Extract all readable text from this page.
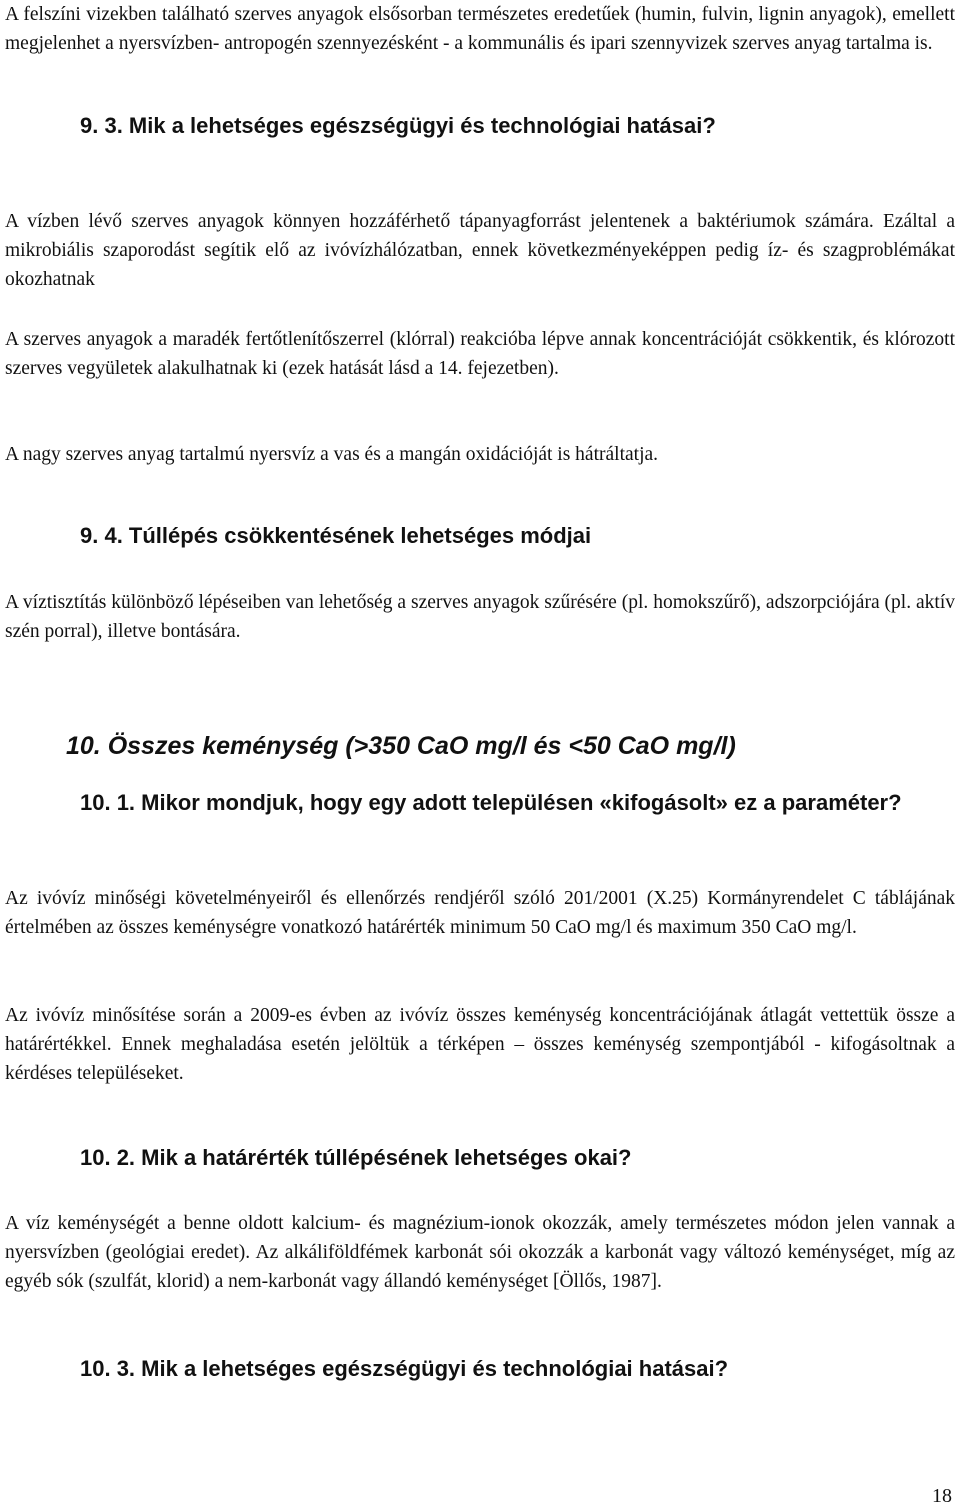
A felszíni vizekben található szerves anyagok elsősorban természetes eredetűek (humin, fulvin, lignin anyagok), emellett megjelenhet a nyersvízben- antropogén szennyezésként - a kommunális és ipari szennyvizek szerves anyag tartalma is.

9. 3. Mik a lehetséges egészségügyi és technológiai hatásai?

A vízben lévő szerves anyagok könnyen hozzáférhető tápanyagforrást jelentenek a baktériumok számára. Ezáltal a mikrobiális szaporodást segítik elő az ivóvízhálózatban, ennek következményeképpen pedig íz- és szagproblémákat okozhatnak

A szerves anyagok a maradék fertőtlenítőszerrel (klórral) reakcióba lépve annak koncentrációját csökkentik, és klórozott szerves vegyületek alakulhatnak ki (ezek hatását lásd a 14. fejezetben).

A nagy szerves anyag tartalmú nyersvíz a vas és a mangán oxidációját is hátráltatja.

9. 4. Túllépés csökkentésének lehetséges módjai

A víztisztítás különböző lépéseiben van lehetőség a szerves anyagok szűrésére (pl. homokszűrő), adszorpciójára (pl. aktív szén porral), illetve bontására.

10. Összes keménység (>350 CaO mg/l és <50 CaO mg/l)
10. 1. Mikor mondjuk, hogy egy adott településen «kifogásolt» ez a paraméter?

Az ivóvíz minőségi követelményeiről és ellenőrzés rendjéről szóló 201/2001 (X.25) Kormányrendelet C táblájának értelmében az összes keménységre vonatkozó határérték minimum 50 CaO mg/l és maximum 350 CaO mg/l.

Az ivóvíz minősítése során a 2009-es évben az ivóvíz összes keménység koncentrációjának átlagát vettettük össze a határértékkel. Ennek meghaladása esetén jelöltük a térképen – összes keménység szempontjából - kifogásoltnak a kérdéses településeket.

10. 2. Mik a határérték túllépésének lehetséges okai?

A víz keménységét a benne oldott kalcium- és magnézium-ionok okozzák, amely természetes módon jelen vannak a nyersvízben (geológiai eredet). Az alkáliföldfémek karbonát sói okozzák a karbonát vagy változó keménységet, míg az egyéb sók (szulfát, klorid) a nem-karbonát vagy állandó keménységet [Öllős, 1987].

10. 3. Mik a lehetséges egészségügyi és technológiai hatásai?
18
